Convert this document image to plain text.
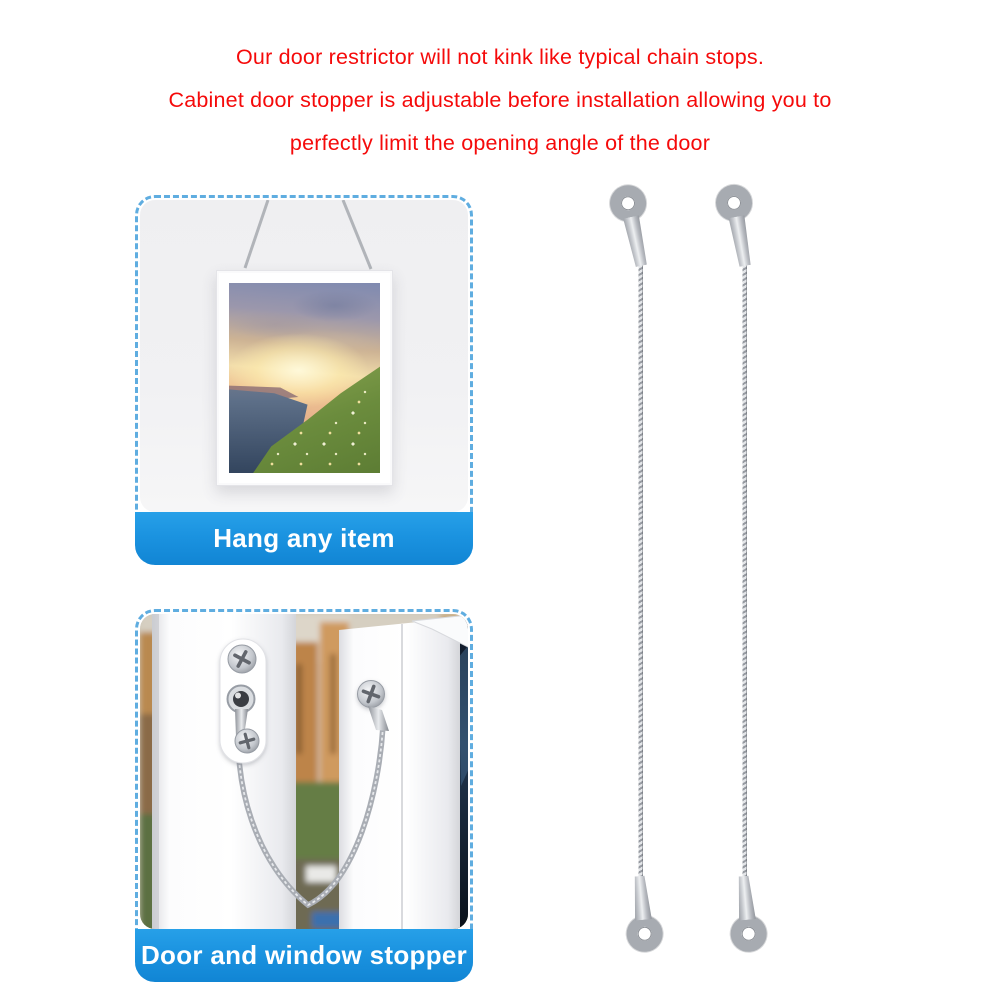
Our door restrictor will not kink like typical chain stops.
Cabinet door stopper is adjustable before installation allowing you to
perfectly limit the opening angle of the door
Hang any item
Door and window stopper
